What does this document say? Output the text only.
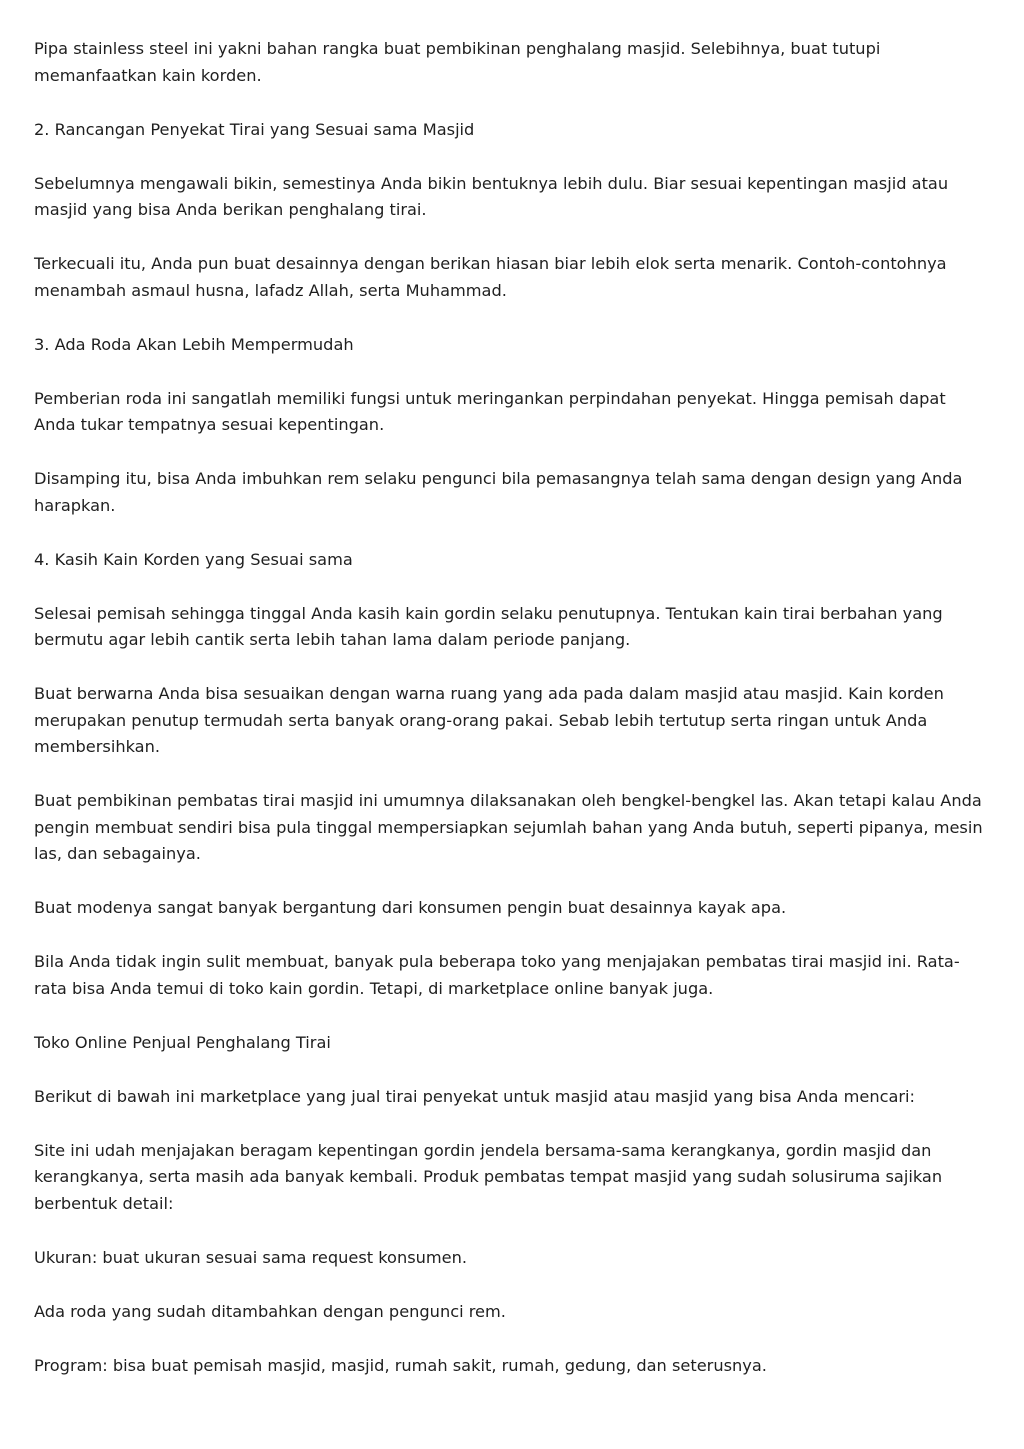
Pipa stainless steel ini yakni bahan rangka buat pembikinan penghalang masjid. Selebihnya, buat tutupi memanfaatkan kain korden.

2. Rancangan Penyekat Tirai yang Sesuai sama Masjid

Sebelumnya mengawali bikin, semestinya Anda bikin bentuknya lebih dulu. Biar sesuai kepentingan masjid atau masjid yang bisa Anda berikan penghalang tirai.

Terkecuali itu, Anda pun buat desainnya dengan berikan hiasan biar lebih elok serta menarik. Contoh-contohnya menambah asmaul husna, lafadz Allah, serta Muhammad.

3. Ada Roda Akan Lebih Mempermudah

Pemberian roda ini sangatlah memiliki fungsi untuk meringankan perpindahan penyekat. Hingga pemisah dapat Anda tukar tempatnya sesuai kepentingan.

Disamping itu, bisa Anda imbuhkan rem selaku pengunci bila pemasangnya telah sama dengan design yang Anda harapkan.

4. Kasih Kain Korden yang Sesuai sama

Selesai pemisah sehingga tinggal Anda kasih kain gordin selaku penutupnya. Tentukan kain tirai berbahan yang bermutu agar lebih cantik serta lebih tahan lama dalam periode panjang.

Buat berwarna Anda bisa sesuaikan dengan warna ruang yang ada pada dalam masjid atau masjid. Kain korden merupakan penutup termudah serta banyak orang-orang pakai. Sebab lebih tertutup serta ringan untuk Anda membersihkan.

Buat pembikinan pembatas tirai masjid ini umumnya dilaksanakan oleh bengkel-bengkel las. Akan tetapi kalau Anda pengin membuat sendiri bisa pula tinggal mempersiapkan sejumlah bahan yang Anda butuh, seperti pipanya, mesin las, dan sebagainya.

Buat modenya sangat banyak bergantung dari konsumen pengin buat desainnya kayak apa.

Bila Anda tidak ingin sulit membuat, banyak pula beberapa toko yang menjajakan pembatas tirai masjid ini. Rata-rata bisa Anda temui di toko kain gordin. Tetapi, di marketplace online banyak juga.

Toko Online Penjual Penghalang Tirai

Berikut di bawah ini marketplace yang jual tirai penyekat untuk masjid atau masjid yang bisa Anda mencari:

Site ini udah menjajakan beragam kepentingan gordin jendela bersama-sama kerangkanya, gordin masjid dan kerangkanya, serta masih ada banyak kembali. Produk pembatas tempat masjid yang sudah solusiruma sajikan berbentuk detail:

Ukuran: buat ukuran sesuai sama request konsumen.

Ada roda yang sudah ditambahkan dengan pengunci rem.

Program: bisa buat pemisah masjid, masjid, rumah sakit, rumah, gedung, dan seterusnya.
